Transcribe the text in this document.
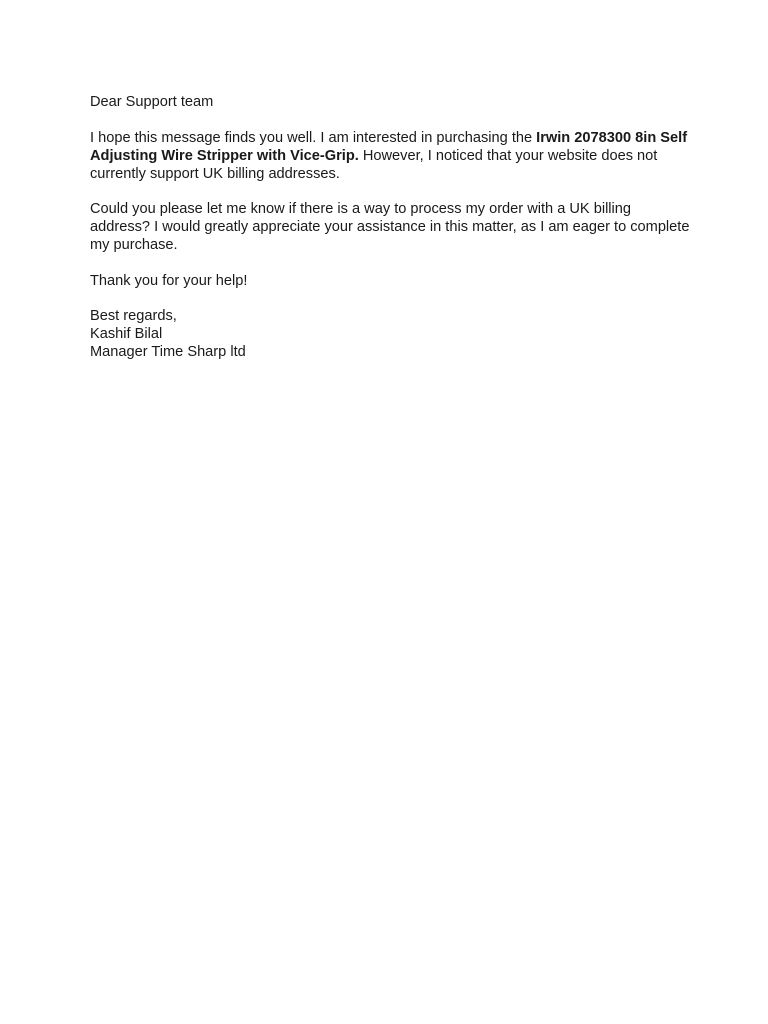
Dear Support team

I hope this message finds you well. I am interested in purchasing the Irwin 2078300 8in Self Adjusting Wire Stripper with Vice-Grip. However, I noticed that your website does not currently support UK billing addresses.

Could you please let me know if there is a way to process my order with a UK billing address? I would greatly appreciate your assistance in this matter, as I am eager to complete my purchase.

Thank you for your help!

Best regards,
Kashif Bilal
Manager Time Sharp ltd
